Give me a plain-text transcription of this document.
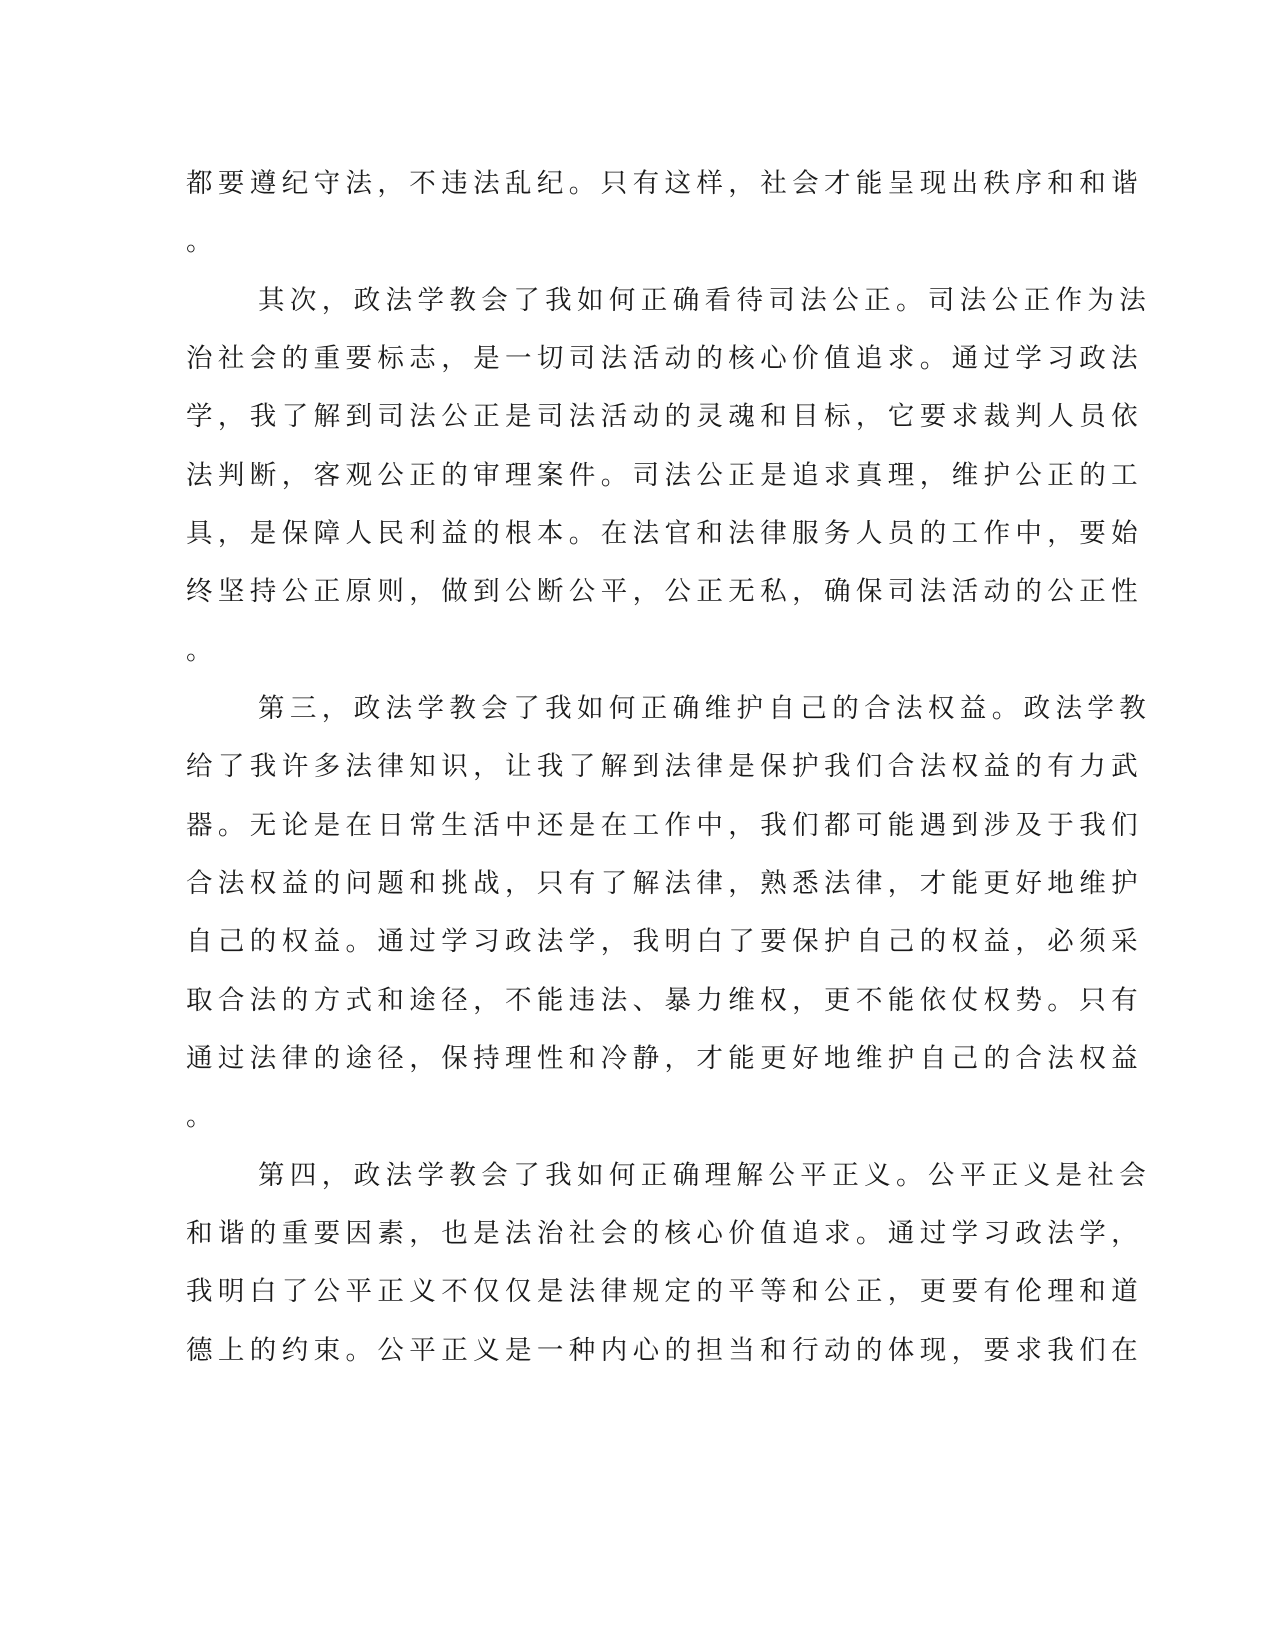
都要遵纪守法，不违法乱纪。只有这样，社会才能呈现出秩序和和谐
。
其次，政法学教会了我如何正确看待司法公正。司法公正作为法
治社会的重要标志，是一切司法活动的核心价值追求。通过学习政法
学，我了解到司法公正是司法活动的灵魂和目标，它要求裁判人员依
法判断，客观公正的审理案件。司法公正是追求真理，维护公正的工
具，是保障人民利益的根本。在法官和法律服务人员的工作中，要始
终坚持公正原则，做到公断公平，公正无私，确保司法活动的公正性
。
第三，政法学教会了我如何正确维护自己的合法权益。政法学教
给了我许多法律知识，让我了解到法律是保护我们合法权益的有力武
器。无论是在日常生活中还是在工作中，我们都可能遇到涉及于我们
合法权益的问题和挑战，只有了解法律，熟悉法律，才能更好地维护
自己的权益。通过学习政法学，我明白了要保护自己的权益，必须采
取合法的方式和途径，不能违法、暴力维权，更不能依仗权势。只有
通过法律的途径，保持理性和冷静，才能更好地维护自己的合法权益
。
第四，政法学教会了我如何正确理解公平正义。公平正义是社会
和谐的重要因素，也是法治社会的核心价值追求。通过学习政法学，
我明白了公平正义不仅仅是法律规定的平等和公正，更要有伦理和道
德上的约束。公平正义是一种内心的担当和行动的体现，要求我们在
